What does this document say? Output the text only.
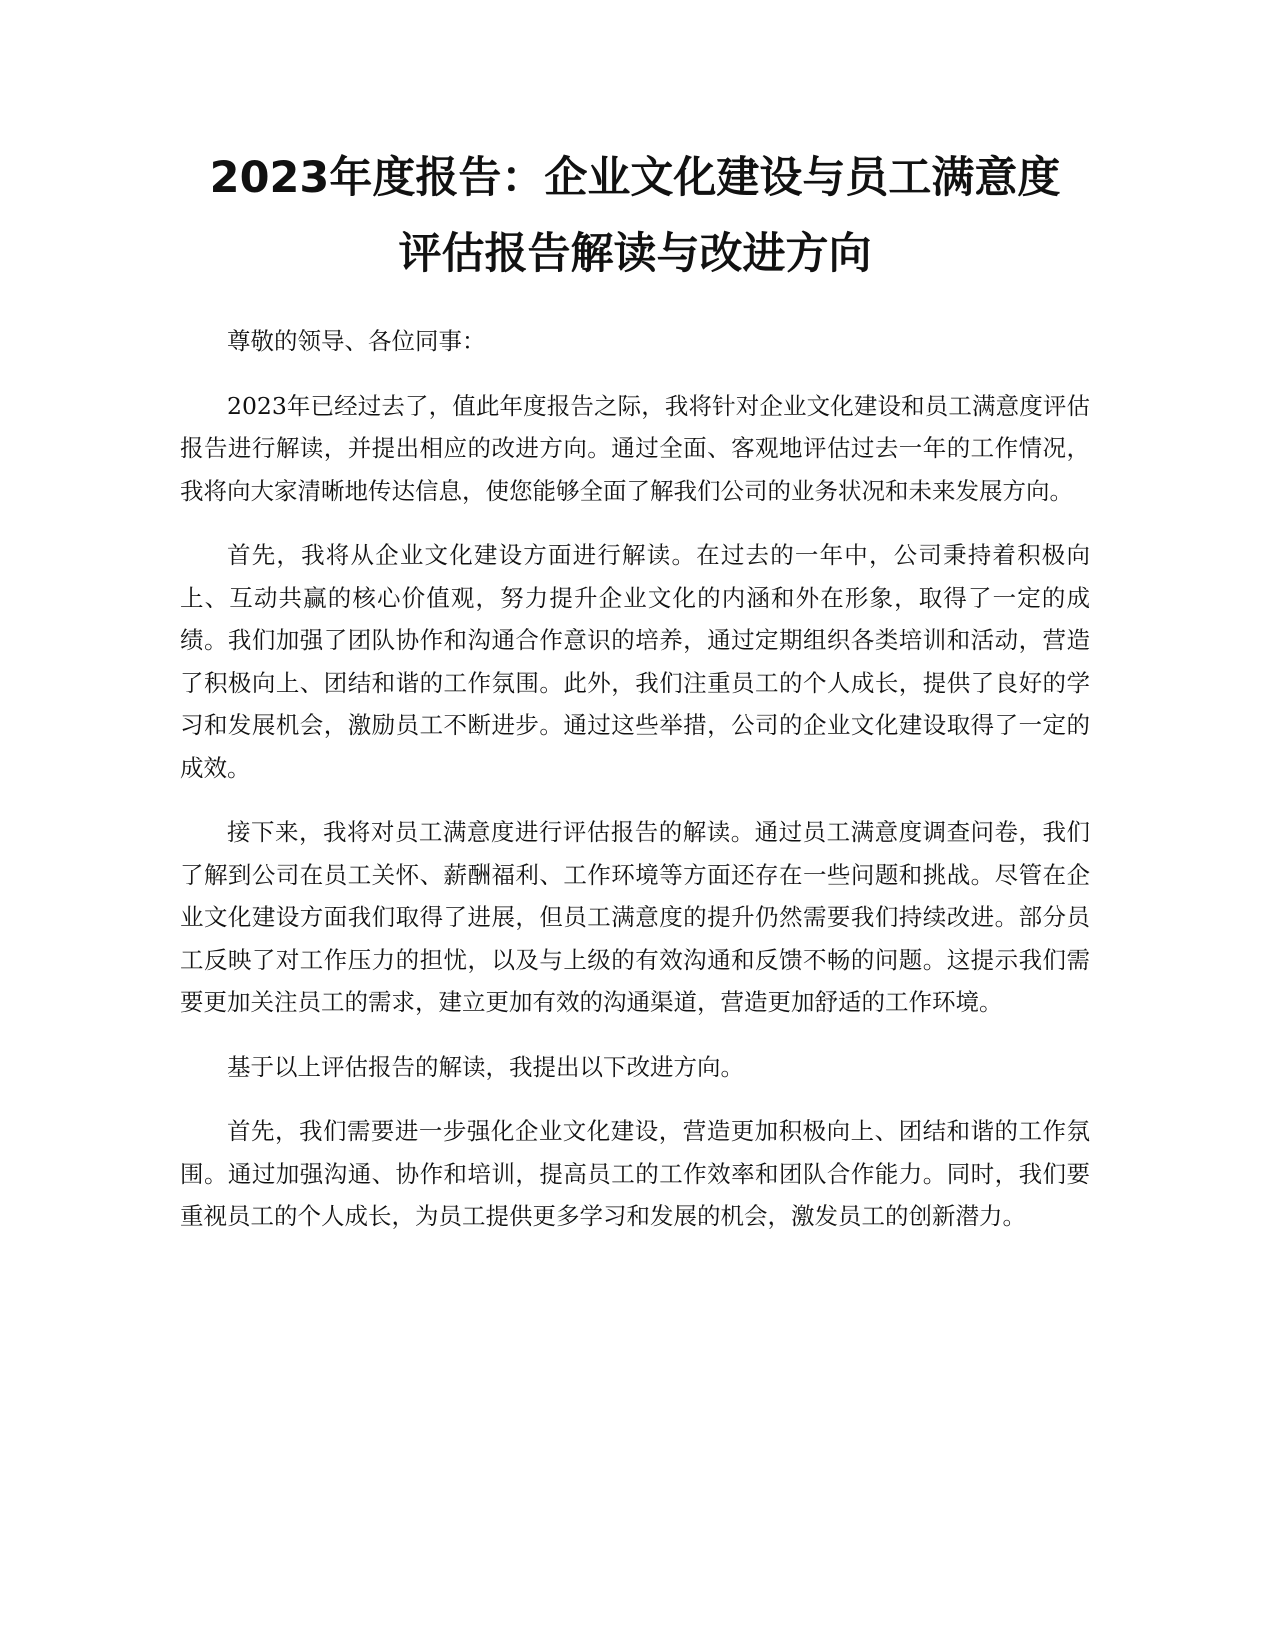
2023年度报告：企业文化建设与员工满意度
评估报告解读与改进方向

尊敬的领导、各位同事：

2023年已经过去了，值此年度报告之际，我将针对企业文化建设和员工满意度评估报告进行解读，并提出相应的改进方向。通过全面、客观地评估过去一年的工作情况，我将向大家清晰地传达信息，使您能够全面了解我们公司的业务状况和未来发展方向。

首先，我将从企业文化建设方面进行解读。在过去的一年中，公司秉持着积极向上、互动共赢的核心价值观，努力提升企业文化的内涵和外在形象，取得了一定的成绩。我们加强了团队协作和沟通合作意识的培养，通过定期组织各类培训和活动，营造了积极向上、团结和谐的工作氛围。此外，我们注重员工的个人成长，提供了良好的学习和发展机会，激励员工不断进步。通过这些举措，公司的企业文化建设取得了一定的成效。

接下来，我将对员工满意度进行评估报告的解读。通过员工满意度调查问卷，我们了解到公司在员工关怀、薪酬福利、工作环境等方面还存在一些问题和挑战。尽管在企业文化建设方面我们取得了进展，但员工满意度的提升仍然需要我们持续改进。部分员工反映了对工作压力的担忧，以及与上级的有效沟通和反馈不畅的问题。这提示我们需要更加关注员工的需求，建立更加有效的沟通渠道，营造更加舒适的工作环境。

基于以上评估报告的解读，我提出以下改进方向。

首先，我们需要进一步强化企业文化建设，营造更加积极向上、团结和谐的工作氛围。通过加强沟通、协作和培训，提高员工的工作效率和团队合作能力。同时，我们要重视员工的个人成长，为员工提供更多学习和发展的机会，激发员工的创新潜力。
